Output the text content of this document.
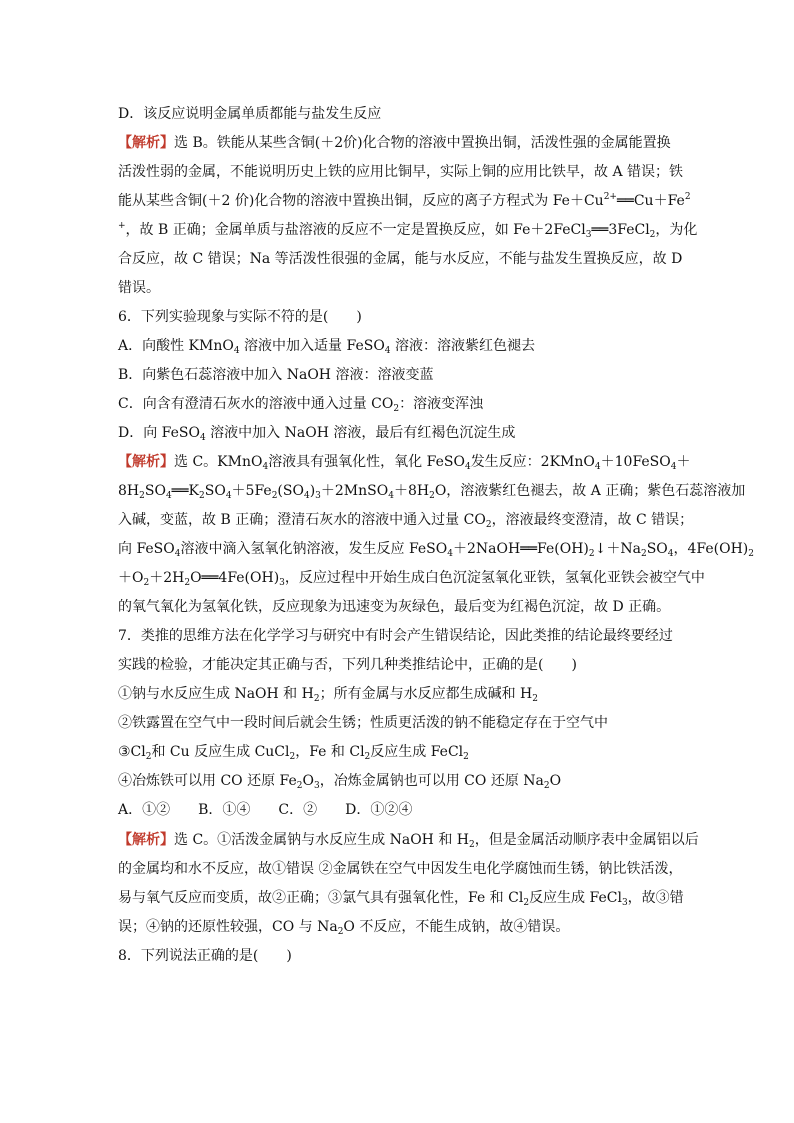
D．该反应说明金属单质都能与盐发生反应
【解析】选 B。铁能从某些含铜(＋2价)化合物的溶液中置换出铜，活泼性强的金属能置换
活泼性弱的金属，不能说明历史上铁的应用比铜早，实际上铜的应用比铁早，故 A 错误；铁
能从某些含铜(＋2 价)化合物的溶液中置换出铜，反应的离子方程式为 $Fe+Cu^{2+}══Cu+Fe^2$
+，故 B 正确；金属单质与盐溶液的反应不一定是置换反应，如 Fe＋2FeCl$_3$══3FeCl$_2$，为化
合反应，故 C 错误；Na 等活泼性很强的金属，能与水反应，不能与盐发生置换反应，故 D
错误。
6．下列实验现象与实际不符的是(　　)
A．向酸性 KMnO$_4$ 溶液中加入适量 FeSO$_4$ 溶液：溶液紫红色褪去
B．向紫色石蕊溶液中加入 NaOH 溶液：溶液变蓝
C．向含有澄清石灰水的溶液中通入过量 $CO_2$：溶液变浑浊
D．向 FeSO$_4$ 溶液中加入 NaOH 溶液，最后有红褐色沉淀生成
【解析】选 C。KMnO$_4$溶液具有强氧化性，氧化 FeSO$_4$发生反应：2KMnO$_4$＋10FeSO$_4$＋
$8H_2SO_4══K_2SO_4+5Fe_2(SO_4)_3+2MnSO_4+8H_2O$，溶液紫红色褪去，故 A 正确；紫色石蕊溶液加
入碱，变蓝，故 B 正确；澄清石灰水的溶液中通入过量 $CO_2$，溶液最终变澄清，故 C 错误；
向 FeSO$_4$溶液中滴入氢氧化钠溶液，发生反应 $FeSO_4+2NaOH══Fe(OH)_2↓+Na_2SO_4$，$4Fe(OH)_2$
$+O_2+2H_2O══4Fe(OH)_3$，反应过程中开始生成白色沉淀氢氧化亚铁，氢氧化亚铁会被空气中
的氧气氧化为氢氧化铁，反应现象为迅速变为灰绿色，最后变为红褐色沉淀，故 D 正确。
7．类推的思维方法在化学学习与研究中有时会产生错误结论，因此类推的结论最终要经过
实践的检验，才能决定其正确与否，下列几种类推结论中，正确的是(　　)
①钠与水反应生成 NaOH 和 $H_2$；所有金属与水反应都生成碱和 $H_2$
②铁露置在空气中一段时间后就会生锈；性质更活泼的钠不能稳定存在于空气中
$③Cl_2$和 Cu 反应生成 CuCl$_2$，Fe 和 $Cl_2$反应生成 FeCl$_2$
④冶炼铁可以用 CO 还原 $Fe_2O_3$，冶炼金属钠也可以用 CO 还原 $Na_2O$
A．①②　　B．①④　　C．②　　D．①②④
【解析】选 C。①活泼金属钠与水反应生成 NaOH 和 $H_2$，但是金属活动顺序表中金属铝以后
的金属均和水不反应，故①错误 ②金属铁在空气中因发生电化学腐蚀而生锈，钠比铁活泼，
易与氧气反应而变质，故②正确；③氯气具有强氧化性，Fe 和 $Cl_2$反应生成 FeCl$_3$，故③错
误；④钠的还原性较强，CO 与 $Na_2O$ 不反应，不能生成钠，故④错误。
8．下列说法正确的是(　　)
